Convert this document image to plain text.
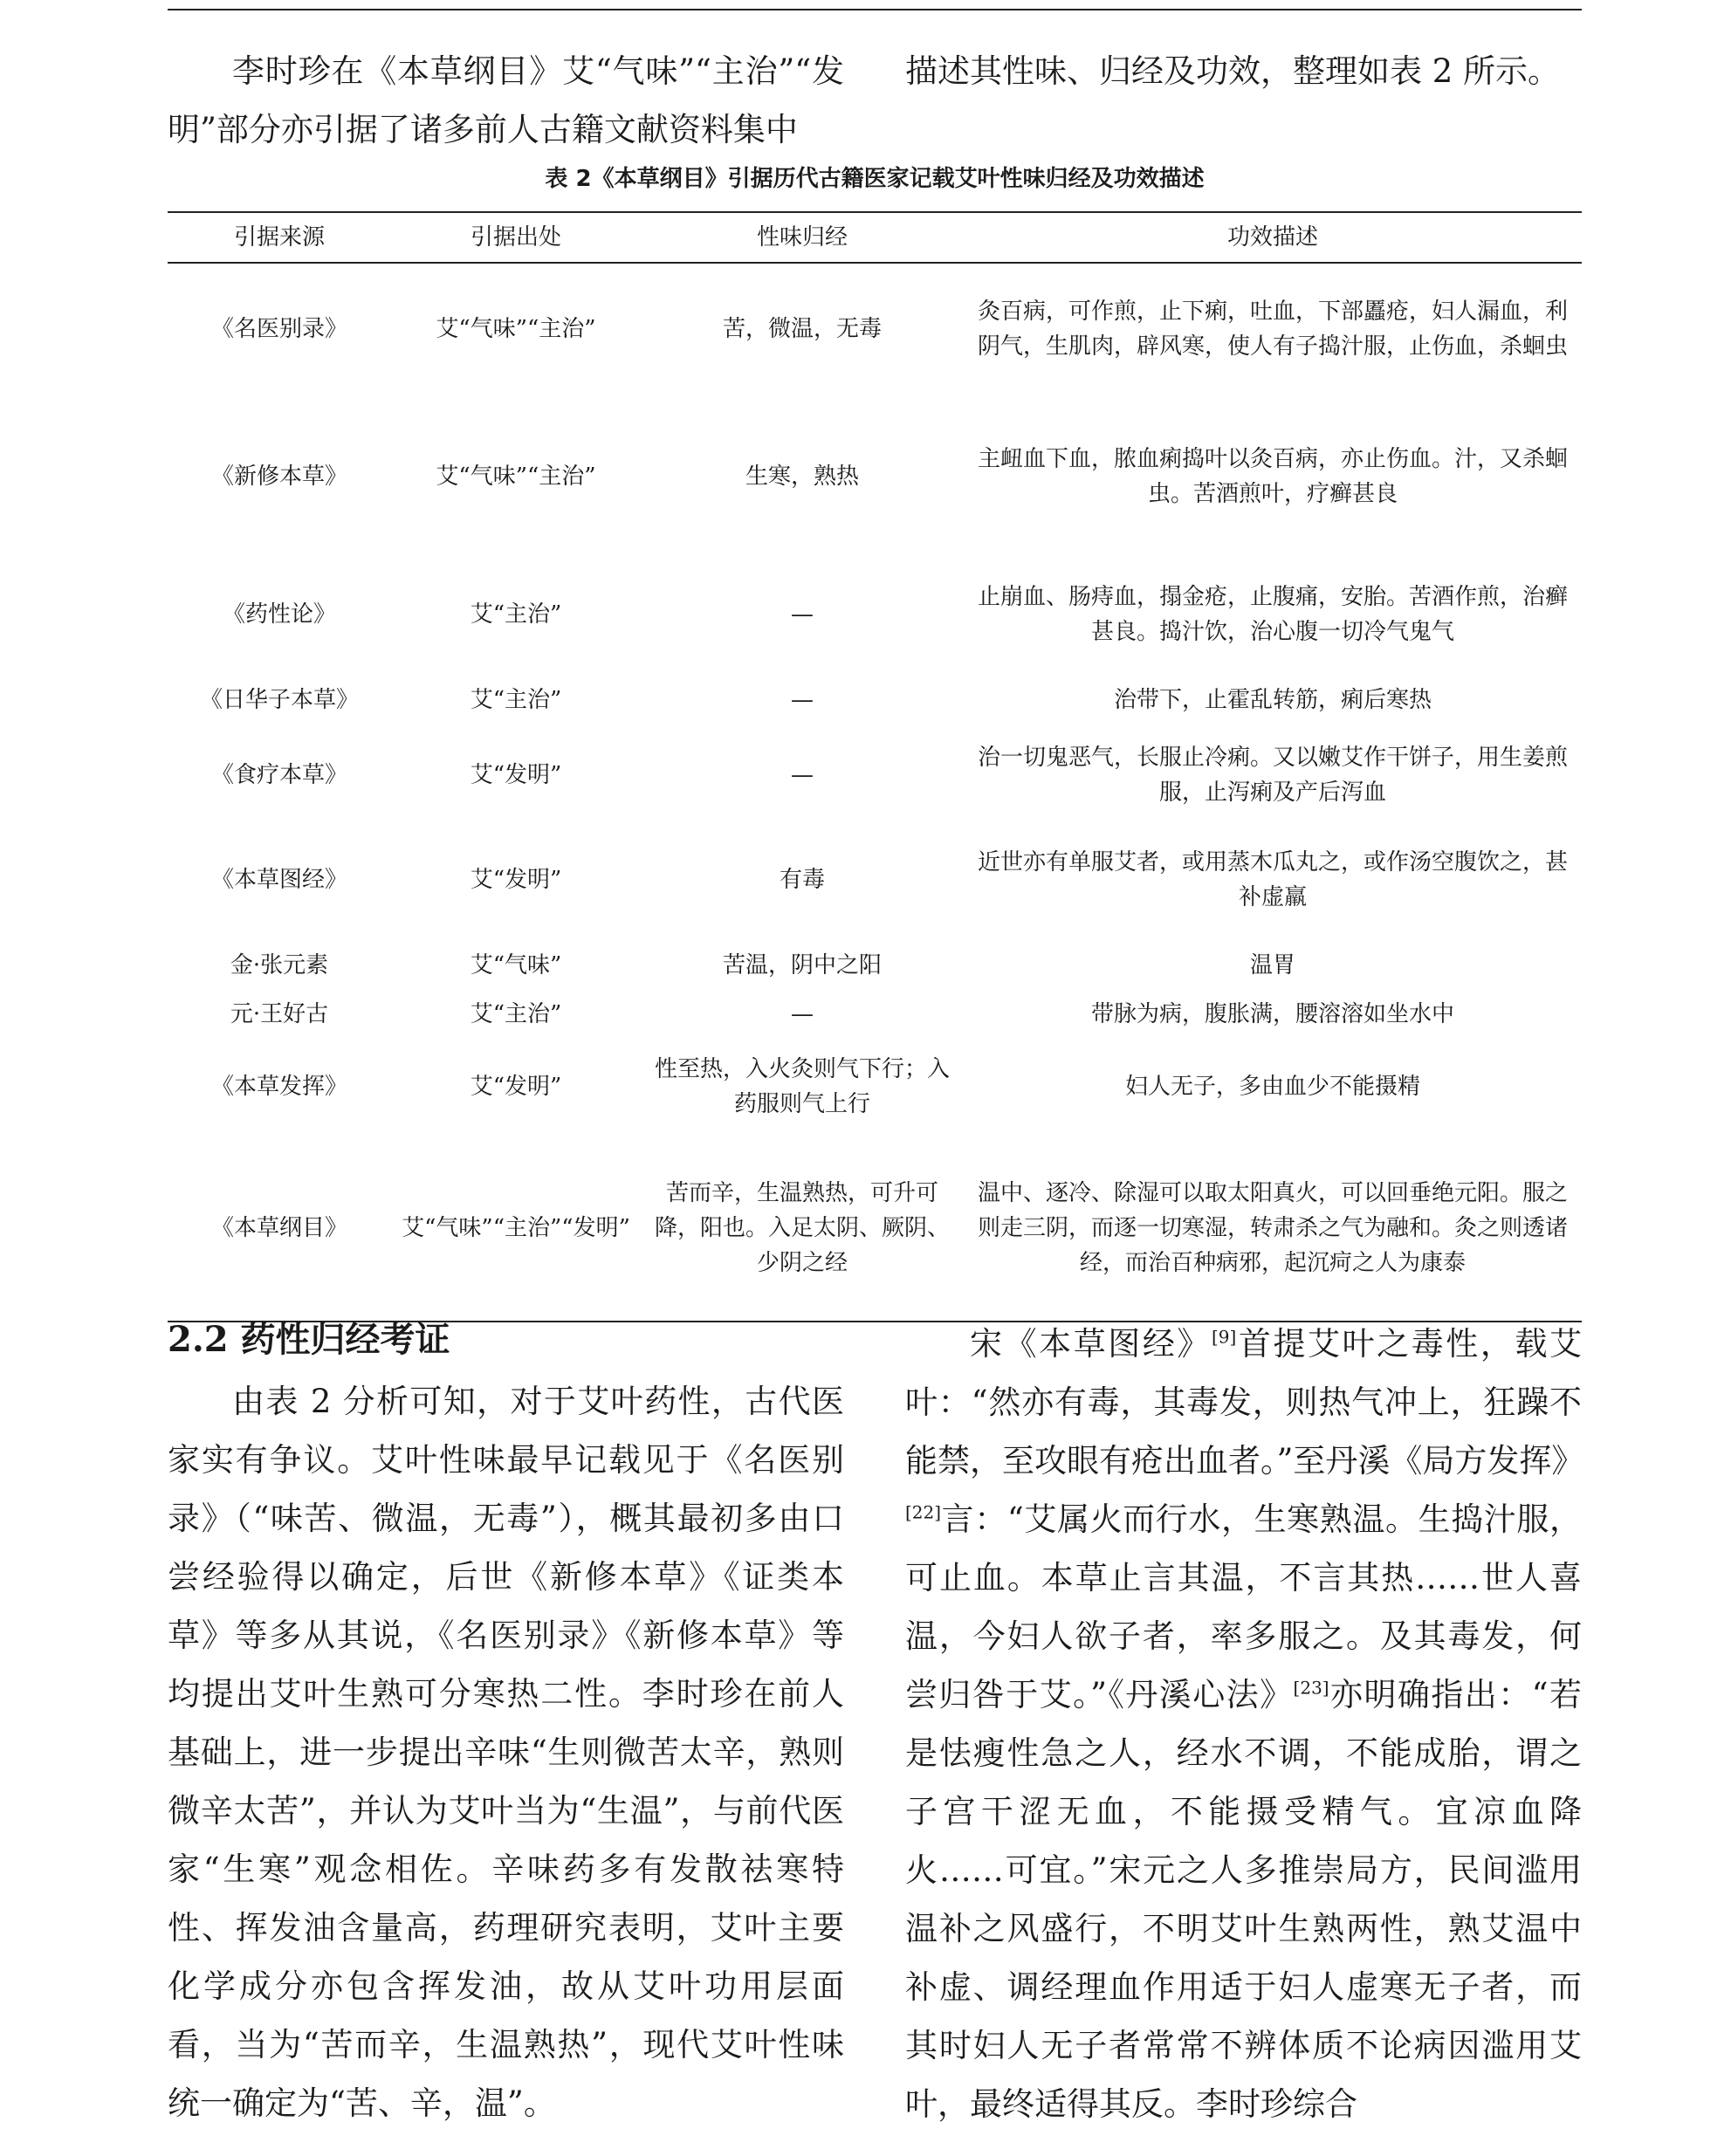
李时珍在《本草纲目》艾“气味”“主治”“发明”部分亦引据了诸多前人古籍文献资料集中

描述其性味、归经及功效，整理如表 2 所示。

表 2《本草纲目》引据历代古籍医家记载艾叶性味归经及功效描述
引据来源	引据出处	性味归经	功效描述
《名医别录》	艾“气味”“主治”	苦，微温，无毒	灸百病，可作煎，止下痢，吐血，下部䘌疮，妇人漏血，利阴气，生肌肉，辟风寒，使人有子捣汁服，止伤血，杀蛔虫
《新修本草》	艾“气味”“主治”	生寒，熟热	主衄血下血，脓血痢捣叶以灸百病，亦止伤血。汁，又杀蛔虫。苦酒煎叶，疗癣甚良
《药性论》	艾“主治”	—	止崩血、肠痔血，搨金疮，止腹痛，安胎。苦酒作煎，治癣甚良。捣汁饮，治心腹一切冷气鬼气
《日华子本草》	艾“主治”	—	治带下，止霍乱转筋，痢后寒热
《食疗本草》	艾“发明”	—	治一切鬼恶气，长服止冷痢。又以嫩艾作干饼子，用生姜煎服，止泻痢及产后泻血
《本草图经》	艾“发明”	有毒	近世亦有单服艾者，或用蒸木瓜丸之，或作汤空腹饮之，甚补虚羸
金·张元素	艾“气味”	苦温，阴中之阳	温胃
元·王好古	艾“主治”	—	带脉为病，腹胀满，腰溶溶如坐水中
《本草发挥》	艾“发明”	性至热，入火灸则气下行；入药服则气上行	妇人无子，多由血少不能摄精
《本草纲目》	艾“气味”“主治”“发明”	苦而辛，生温熟热，可升可降，阳也。入足太阴、厥阴、少阴之经	温中、逐冷、除湿可以取太阳真火，可以回垂绝元阳。服之则走三阴，而逐一切寒湿，转肃杀之气为融和。灸之则透诸经，而治百种病邪，起沉疴之人为康泰
2.2 药性归经考证

由表 2 分析可知，对于艾叶药性，古代医家实有争议。艾叶性味最早记载见于《名医别录》（“味苦、微温，无毒”），概其最初多由口尝经验得以确定，后世《新修本草》《证类本草》等多从其说，《名医别录》《新修本草》等均提出艾叶生熟可分寒热二性。李时珍在前人基础上，进一步提出辛味“生则微苦太辛，熟则微辛太苦”，并认为艾叶当为“生温”，与前代医家“生寒”观念相佐。辛味药多有发散祛寒特性、挥发油含量高，药理研究表明，艾叶主要化学成分亦包含挥发油，故从艾叶功用层面看，当为“苦而辛，生温熟热”，现代艾叶性味统一确定为“苦、辛，温”。

宋《本草图经》[9]首提艾叶之毒性，载艾叶：“然亦有毒，其毒发，则热气冲上，狂躁不能禁，至攻眼有疮出血者。”至丹溪《局方发挥》[22]言：“艾属火而行水，生寒熟温。生捣汁服，可止血。本草止言其温，不言其热……世人喜温，今妇人欲子者，率多服之。及其毒发，何尝归咎于艾。”《丹溪心法》[23]亦明确指出：“若是怯瘦性急之人，经水不调，不能成胎，谓之子宫干涩无血，不能摄受精气。宜凉血降火……可宜。”宋元之人多推崇局方，民间滥用温补之风盛行，不明艾叶生熟两性，熟艾温中补虚、调经理血作用适于妇人虚寒无子者，而其时妇人无子者常常不辨体质不论病因滥用艾叶，最终适得其反。李时珍综合
